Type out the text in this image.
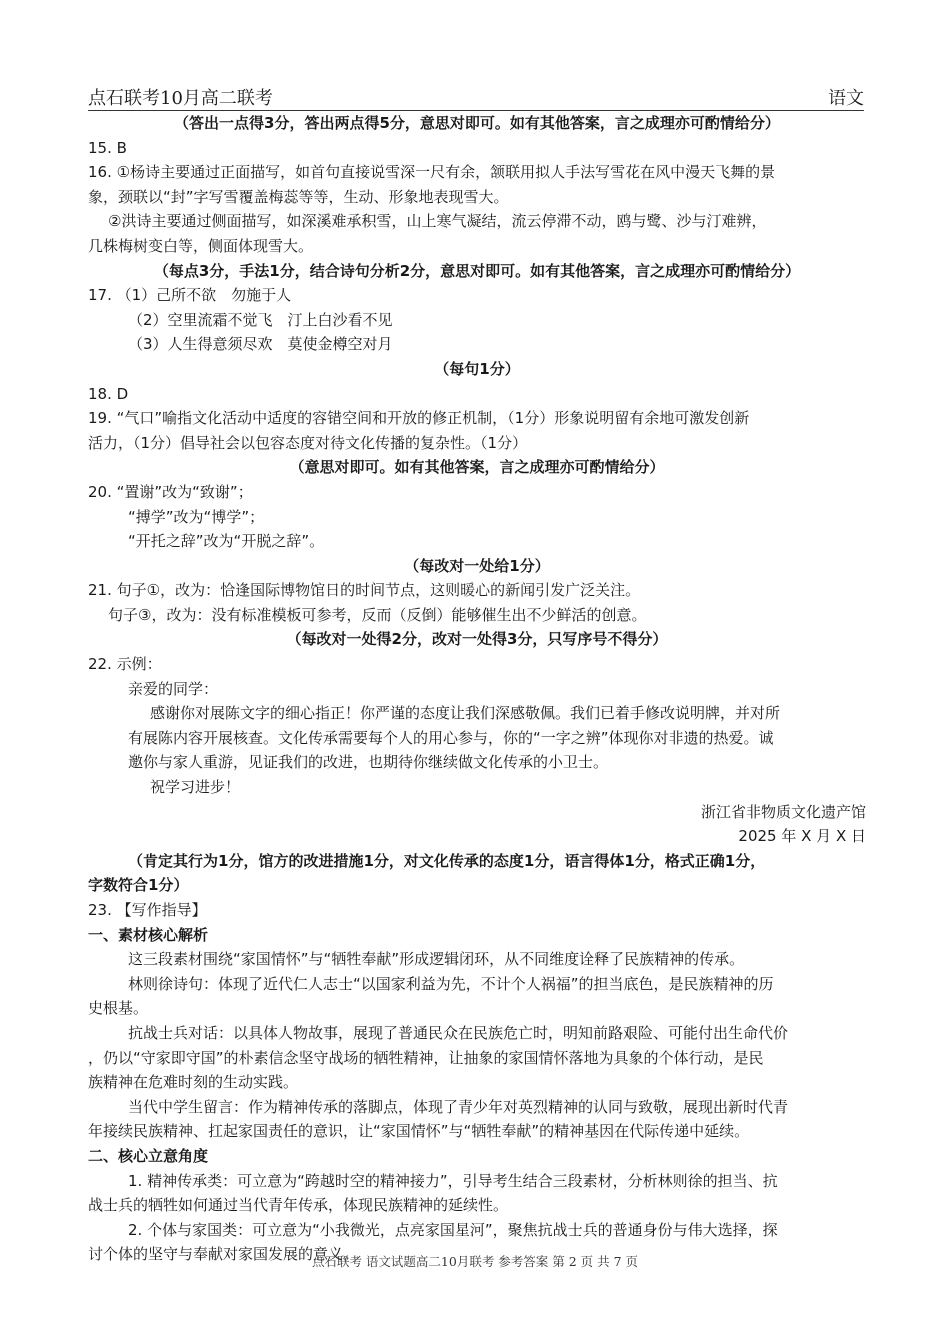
点石联考10月高二联考	语文

（答出一点得3分，答出两点得5分，意思对即可。如有其他答案，言之成理亦可酌情给分）

15. B

16. ①杨诗主要通过正面描写，如首句直接说雪深一尺有余，颔联用拟人手法写雪花在风中漫天飞舞的景

象，颈联以“封”字写雪覆盖梅蕊等等，生动、形象地表现雪大。

②洪诗主要通过侧面描写，如深溪难承积雪，山上寒气凝结，流云停滞不动，鸥与鹭、沙与汀难辨，

几株梅树变白等，侧面体现雪大。

（每点3分，手法1分，结合诗句分析2分，意思对即可。如有其他答案，言之成理亦可酌情给分）

17. （1）己所不欲　勿施于人

（2）空里流霜不觉飞　汀上白沙看不见

（3）人生得意须尽欢　莫使金樽空对月

（每句1分）

18. D

19. “气口”喻指文化活动中适度的容错空间和开放的修正机制，（1分）形象说明留有余地可激发创新

活力，（1分）倡导社会以包容态度对待文化传播的复杂性。（1分）

（意思对即可。如有其他答案，言之成理亦可酌情给分）

20. “置谢”改为“致谢”；

“搏学”改为“博学”；

“开托之辞”改为“开脱之辞”。

（每改对一处给1分）

21. 句子①，改为：恰逢国际博物馆日的时间节点，这则暖心的新闻引发广泛关注。

句子③，改为：没有标准模板可参考，反而（反倒）能够催生出不少鲜活的创意。

（每改对一处得2分，改对一处得3分，只写序号不得分）

22. 示例：

亲爱的同学：

感谢你对展陈文字的细心指正！你严谨的态度让我们深感敬佩。我们已着手修改说明牌，并对所

有展陈内容开展核查。文化传承需要每个人的用心参与，你的“一字之辨”体现你对非遗的热爱。诚

邀你与家人重游，见证我们的改进，也期待你继续做文化传承的小卫士。

祝学习进步！

浙江省非物质文化遗产馆

2025 年 X 月 X 日

（肯定其行为1分，馆方的改进措施1分，对文化传承的态度1分，语言得体1分，格式正确1分，

字数符合1分）

23. 【写作指导】

一、素材核心解析

这三段素材围绕“家国情怀”与“牺牲奉献”形成逻辑闭环，从不同维度诠释了民族精神的传承。

林则徐诗句：体现了近代仁人志士“以国家利益为先，不计个人祸福”的担当底色，是民族精神的历

史根基。

抗战士兵对话：以具体人物故事，展现了普通民众在民族危亡时，明知前路艰险、可能付出生命代价

，仍以“守家即守国”的朴素信念坚守战场的牺牲精神，让抽象的家国情怀落地为具象的个体行动，是民

族精神在危难时刻的生动实践。

当代中学生留言：作为精神传承的落脚点，体现了青少年对英烈精神的认同与致敬，展现出新时代青

年接续民族精神、扛起家国责任的意识，让“家国情怀”与“牺牲奉献”的精神基因在代际传递中延续。

二、核心立意角度

1. 精神传承类：可立意为“跨越时空的精神接力”，引导考生结合三段素材，分析林则徐的担当、抗

战士兵的牺牲如何通过当代青年传承，体现民族精神的延续性。

2. 个体与家国类：可立意为“小我微光，点亮家国星河”，聚焦抗战士兵的普通身份与伟大选择，探

讨个体的坚守与奉献对家国发展的意义。

点石联考 语文试题高二10月联考 参考答案 第 2 页 共 7 页
